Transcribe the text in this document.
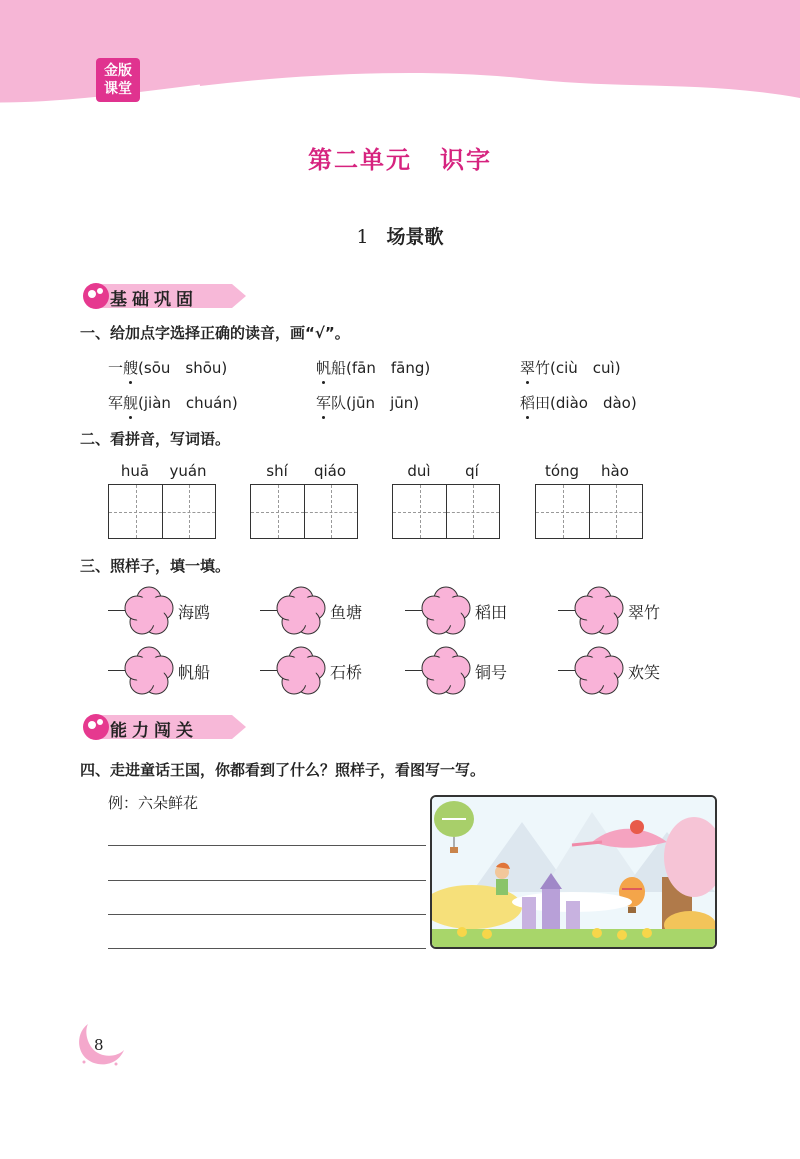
金版
课堂
第二单元 识字
1 场景歌
基础巩固
一、给加点字选择正确的读音，画“√”。
一艘(sōu　shōu)	帆船(fān　fāng)	翠竹(ciù　cuì)
军舰(jiàn　chuán)	军队(jūn　jūn)	稻田(diào　dào)
二、看拼音，写词语。
huā	yuán	shí	qiáo	duì	qí	tóng	hào
三、照样子，填一填。
海鸥	鱼塘	稻田	翠竹
帆船	石桥	铜号	欢笑
能力闯关
四、走进童话王国，你都看到了什么？照样子，看图写一写。
例：六朵鲜花
8
